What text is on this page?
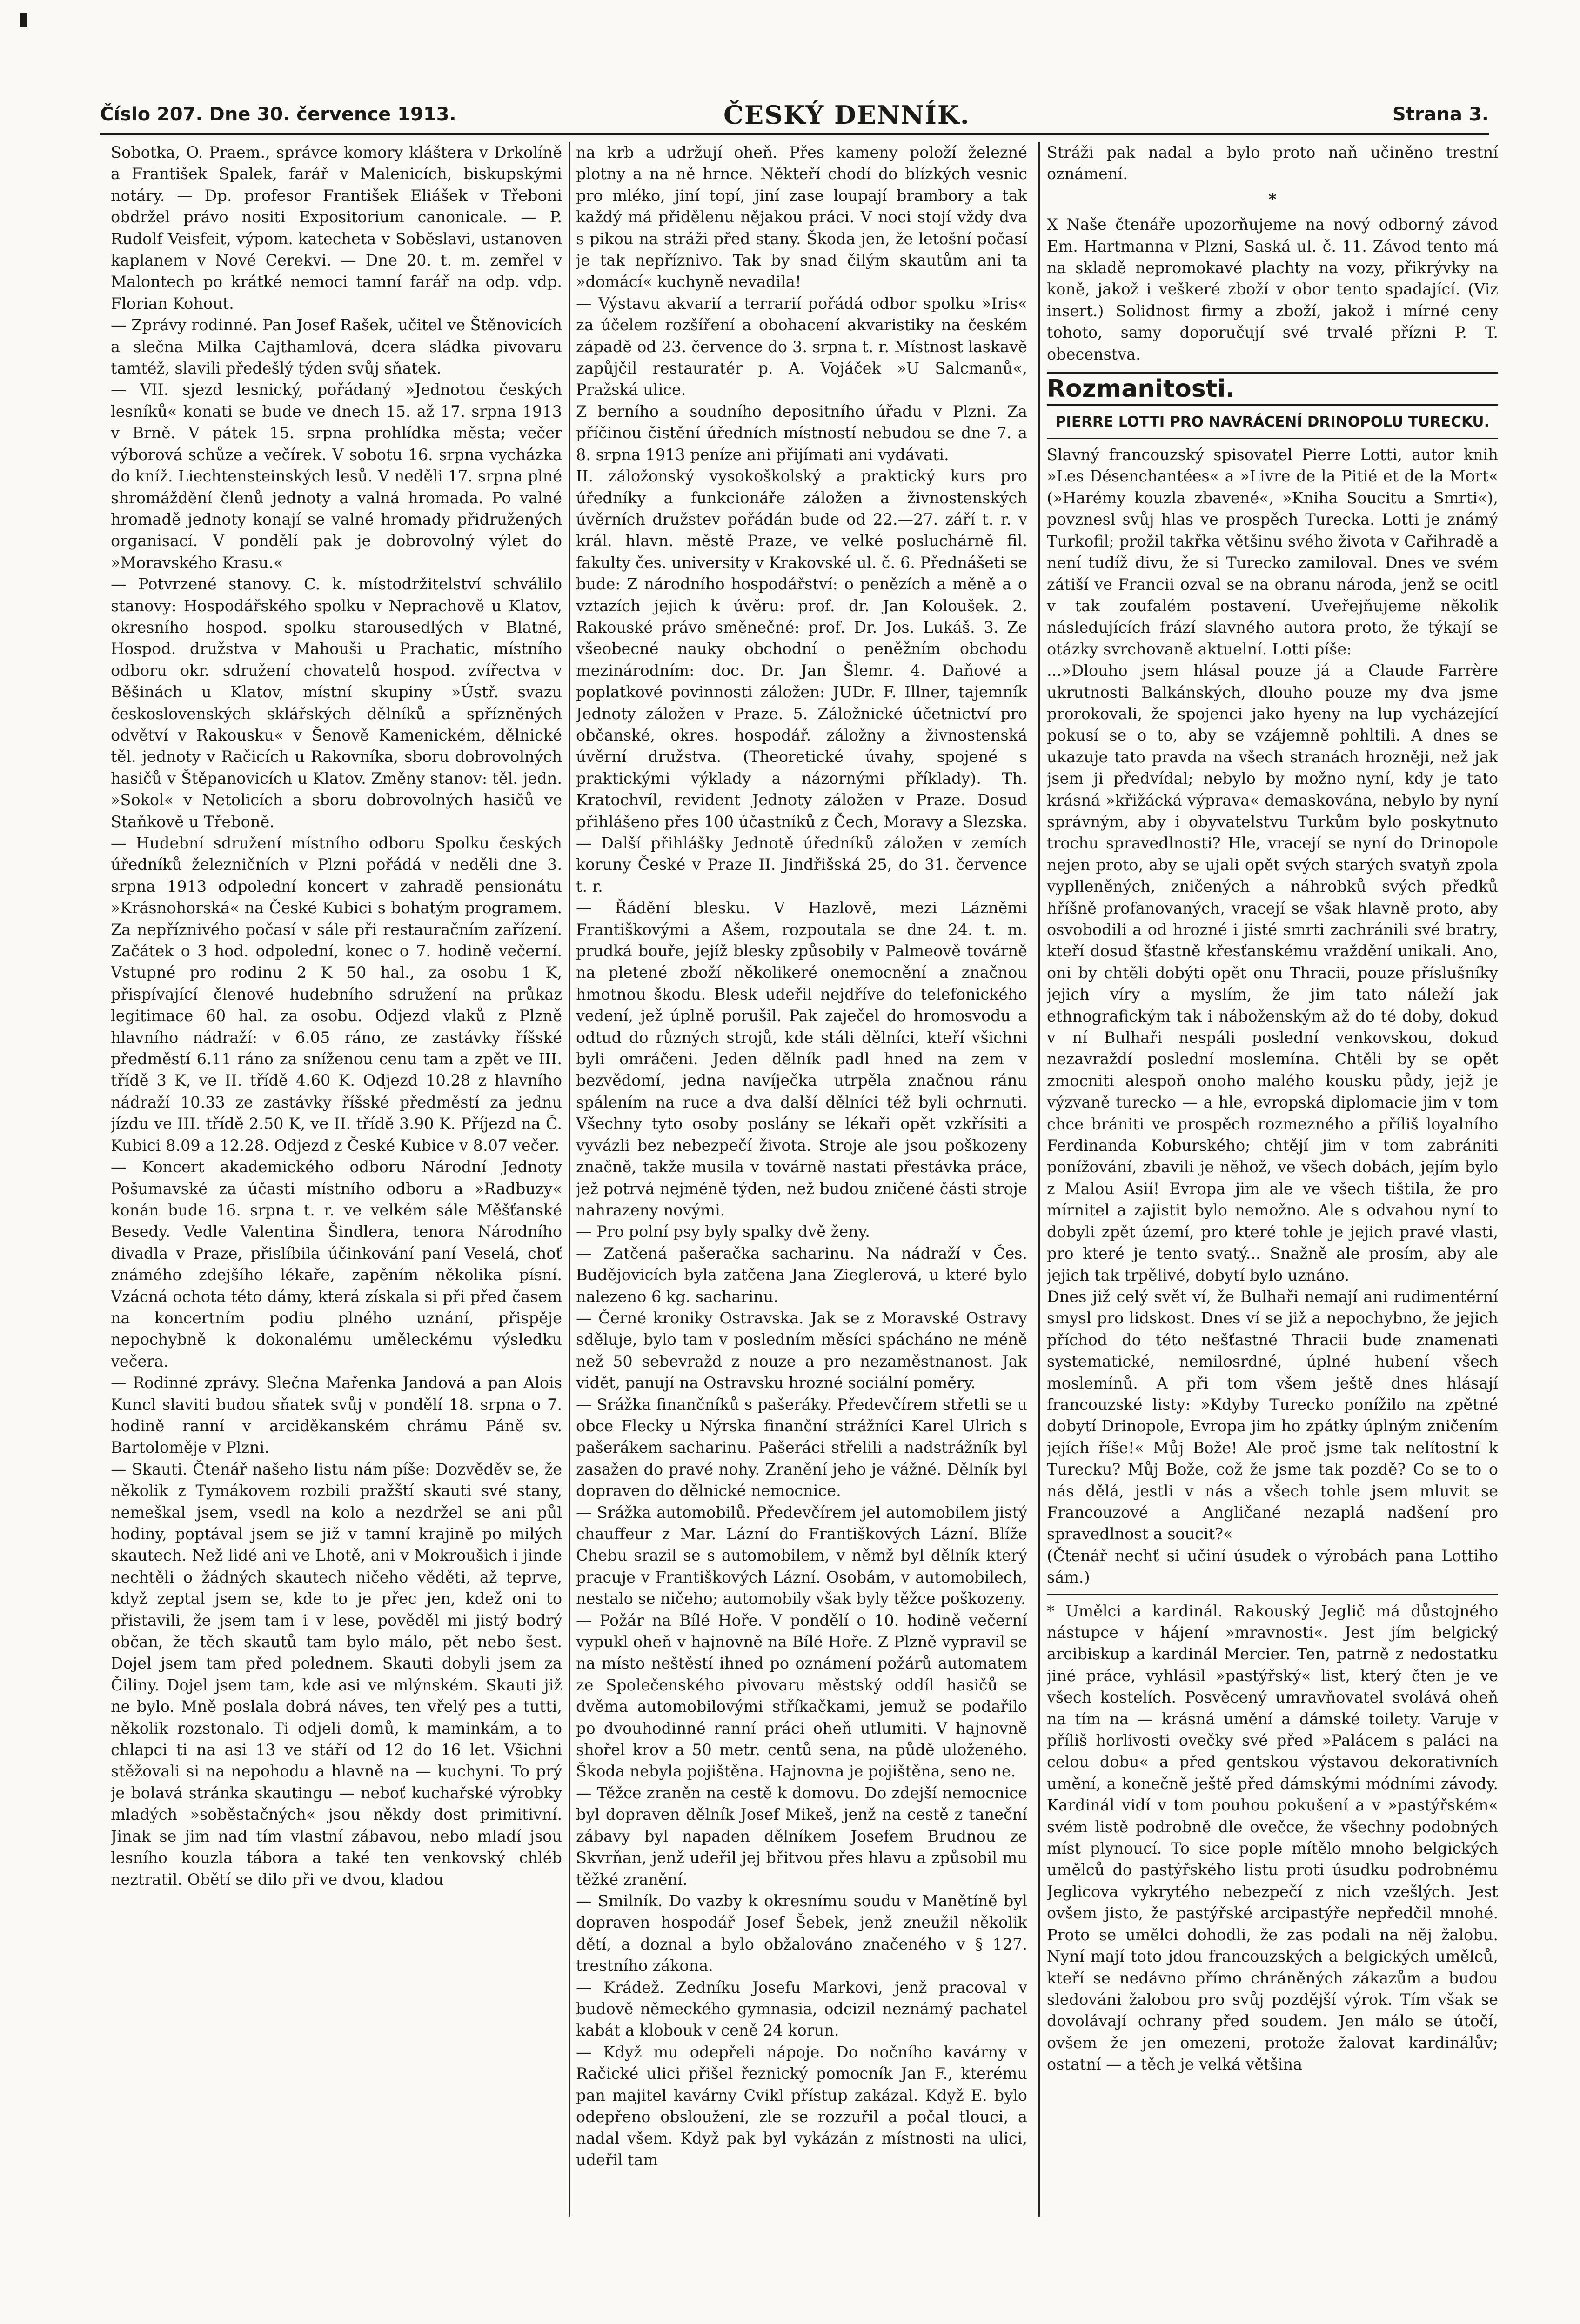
Číslo 207. Dne 30. července 1913.	ČESKÝ DENNÍK.	Strana 3.

Sobotka, O. Praem., správce komory kláštera v Drkolíně a František Spalek, farář v Malenicích, biskupskými notáry. — Dp. profesor František Eliášek v Třeboni obdržel právo nositi Expositorium canonicale. — P. Rudolf Veisfeit, výpom. katecheta v Soběslavi, ustanoven kaplanem v Nové Cerekvi. — Dne 20. t. m. zemřel v Malontech po krátké nemoci tamní farář na odp. vdp. Florian Kohout.

— Zprávy rodinné. Pan Josef Rašek, učitel ve Štěnovicích a slečna Milka Cajthamlová, dcera sládka pivovaru tamtéž, slavili předešlý týden svůj sňatek.

— VII. sjezd lesnický, pořádaný »Jednotou českých lesníků« konati se bude ve dnech 15. až 17. srpna 1913 v Brně. V pátek 15. srpna prohlídka města; večer výborová schůze a večírek. V sobotu 16. srpna vycházka do kníž. Liechtensteinských lesů. V neděli 17. srpna plné shromáždění členů jednoty a valná hromada. Po valné hromadě jednoty konají se valné hromady přidružených organisací. V pondělí pak je dobrovolný výlet do »Moravského Krasu.«

— Potvrzené stanovy. C. k. místodržitelství schválilo stanovy: Hospodářského spolku v Neprachově u Klatov, okresního hospod. spolku starousedlých v Blatné, Hospod. družstva v Mahouši u Prachatic, místního odboru okr. sdružení chovatelů hospod. zvířectva v Běšinách u Klatov, místní skupiny »Ústř. svazu československých sklářských dělníků a spřízněných odvětví v Rakousku« v Šenově Kamenickém, dělnické těl. jednoty v Račicích u Rakovníka, sboru dobrovolných hasičů v Štěpanovicích u Klatov. Změny stanov: těl. jedn. »Sokol« v Netolicích a sboru dobrovolných hasičů ve Staňkově u Třeboně.

— Hudební sdružení místního odboru Spolku českých úředníků železničních v Plzni pořádá v neděli dne 3. srpna 1913 odpolední koncert v zahradě pensionátu »Krásnohorská« na České Kubici s bohatým programem. Za nepříznivého počasí v sále při restauračním zařízení. Začátek o 3 hod. odpolední, konec o 7. hodině večerní. Vstupné pro rodinu 2 K 50 hal., za osobu 1 K, přispívající členové hudebního sdružení na průkaz legitimace 60 hal. za osobu. Odjezd vlaků z Plzně hlavního nádraží: v 6.05 ráno, ze zastávky říšské předměstí 6.11 ráno za sníženou cenu tam a zpět ve III. třídě 3 K, ve II. třídě 4.60 K. Odjezd 10.28 z hlavního nádraží 10.33 ze zastávky říšské předměstí za jednu jízdu ve III. třídě 2.50 K, ve II. třídě 3.90 K. Příjezd na Č. Kubici 8.09 a 12.28. Odjezd z České Kubice v 8.07 večer.

— Koncert akademického odboru Národní Jednoty Pošumavské za účasti místního odboru a »Radbuzy« konán bude 16. srpna t. r. ve velkém sále Měšťanské Besedy. Vedle Valentina Šindlera, tenora Národního divadla v Praze, přislíbila účinkování paní Veselá, choť známého zdejšího lékaře, zapěním několika písní. Vzácná ochota této dámy, která získala si při před časem na koncertním podiu plného uznání, přispěje nepochybně k dokonalému uměleckému výsledku večera.

— Rodinné zprávy. Slečna Mařenka Jandová a pan Alois Kuncl slaviti budou sňatek svůj v pondělí 18. srpna o 7. hodině ranní v arciděkanském chrámu Páně sv. Bartoloměje v Plzni.

— Skauti. Čtenář našeho listu nám píše: Dozvěděv se, že několik z Tymákovem rozbili pražští skauti své stany, nemeškal jsem, vsedl na kolo a nezdržel se ani půl hodiny, poptával jsem se již v tamní krajině po milých skautech. Než lidé ani ve Lhotě, ani v Mokroušich i jinde nechtěli o žádných skautech ničeho věděti, až teprve, když zeptal jsem se, kde to je přec jen, kdež oni to přistavili, že jsem tam i v lese, pověděl mi jistý bodrý občan, že těch skautů tam bylo málo, pět nebo šest. Dojel jsem tam před polednem. Skauti dobyli jsem za Čiliny. Dojel jsem tam, kde asi ve mlýnském. Skauti již ne bylo. Mně poslala dobrá náves, ten vřelý pes a tutti, několik rozstonalo. Ti odjeli domů, k maminkám, a to chlapci ti na asi 13 ve stáří od 12 do 16 let. Všichni stěžovali si na nepohodu a hlavně na — kuchyni. To prý je bolavá stránka skautingu — neboť kuchařské výrobky mladých »soběstačných« jsou někdy dost primitivní. Jinak se jim nad tím vlastní zábavou, nebo mladí jsou lesního kouzla tábora a také ten venkovský chléb neztratil. Obětí se dilo při ve dvou, kladou

na krb a udržují oheň. Přes kameny položí železné plotny a na ně hrnce. Někteří chodí do blízkých vesnic pro mléko, jiní topí, jiní zase loupají brambory a tak každý má přidělenu nějakou práci. V noci stojí vždy dva s pikou na stráži před stany. Škoda jen, že letošní počasí je tak nepříznivo. Tak by snad čilým skautům ani ta »domácí« kuchyně nevadila!

— Výstavu akvarií a terrarií pořádá odbor spolku »Iris« za účelem rozšíření a obohacení akvaristiky na českém západě od 23. července do 3. srpna t. r. Místnost laskavě zapůjčil restauratér p. A. Vojáček »U Salcmanů«, Pražská ulice.

Z berního a soudního depositního úřadu v Plzni. Za příčinou čistění úředních místností nebudou se dne 7. a 8. srpna 1913 peníze ani přijímati ani vydávati.

II. záložonský vysokoškolský a praktický kurs pro úředníky a funkcionáře záložen a živnostenských úvěrních družstev pořádán bude od 22.—27. září t. r. v král. hlavn. městě Praze, ve velké posluchárně fil. fakulty čes. university v Krakovské ul. č. 6. Přednášeti se bude: Z národního hospodářství: o penězích a měně a o vztazích jejich k úvěru: prof. dr. Jan Koloušek. 2. Rakouské právo směnečné: prof. Dr. Jos. Lukáš. 3. Ze všeobecné nauky obchodní o peněžním obchodu mezinárodním: doc. Dr. Jan Šlemr. 4. Daňové a poplatkové povinnosti záložen: JUDr. F. Illner, tajemník Jednoty záložen v Praze. 5. Záložnické účetnictví pro občanské, okres. hospodář. záložny a živnostenská úvěrní družstva. (Theoretické úvahy, spojené s praktickými výklady a názornými příklady). Th. Kratochvíl, revident Jednoty záložen v Praze. Dosud přihlášeno přes 100 účastníků z Čech, Moravy a Slezska. — Další přihlášky Jednotě úředníků záložen v zemích koruny České v Praze II. Jindřišská 25, do 31. července t. r.

— Řádění blesku. V Hazlově, mezi Lázněmi Františkovými a Ašem, rozpoutala se dne 24. t. m. prudká bouře, jejíž blesky způsobily v Palmeově továrně na pletené zboží několikeré onemocnění a značnou hmotnou škodu. Blesk udeřil nejdříve do telefonického vedení, jež úplně porušil. Pak zaječel do hromosvodu a odtud do různých strojů, kde stáli dělníci, kteří všichni byli omráčeni. Jeden dělník padl hned na zem v bezvědomí, jedna navíječka utrpěla značnou ránu spálením na ruce a dva další dělníci též byli ochrnuti. Všechny tyto osoby poslány se lékaři opět vzkřísiti a vyvázli bez nebezpečí života. Stroje ale jsou poškozeny značně, takže musila v továrně nastati přestávka práce, jež potrvá nejméně týden, než budou zničené části stroje nahrazeny novými.

— Pro polní psy byly spalky dvě ženy.

— Zatčená pašeračka sacharinu. Na nádraží v Čes. Budějovicích byla zatčena Jana Zieglerová, u které bylo nalezeno 6 kg. sacharinu.

— Černé kroniky Ostravska. Jak se z Moravské Ostravy sděluje, bylo tam v posledním měsíci spácháno ne méně než 50 sebevražd z nouze a pro nezaměstnanost. Jak vidět, panují na Ostravsku hrozné sociální poměry.

— Srážka finančníků s pašeráky. Předevčírem střetli se u obce Flecky u Nýrska finanční strážníci Karel Ulrich s pašerákem sacharinu. Pašeráci střelili a nadstrážník byl zasažen do pravé nohy. Zranění jeho je vážné. Dělník byl dopraven do dělnické nemocnice.

— Srážka automobilů. Předevčírem jel automobilem jistý chauffeur z Mar. Lázní do Františkových Lázní. Blíže Chebu srazil se s automobilem, v němž byl dělník který pracuje v Františkových Lázní. Osobám, v automobilech, nestalo se ničeho; automobily však byly těžce poškozeny.

— Požár na Bílé Hoře. V pondělí o 10. hodině večerní vypukl oheň v hajnovně na Bílé Hoře. Z Plzně vypravil se na místo neštěstí ihned po oznámení požárů automatem ze Společenského pivovaru městský oddíl hasičů se dvěma automobilovými stříkačkami, jemuž se podařilo po dvouhodinné ranní práci oheň utlumiti. V hajnovně shořel krov a 50 metr. centů sena, na půdě uloženého. Škoda nebyla pojištěna. Hajnovna je pojištěna, seno ne.

— Těžce zraněn na cestě k domovu. Do zdejší nemocnice byl dopraven dělník Josef Mikeš, jenž na cestě z taneční zábavy byl napaden dělníkem Josefem Brudnou ze Skvrňan, jenž udeřil jej břitvou přes hlavu a způsobil mu těžké zranění.

— Smilník. Do vazby k okresnímu soudu v Manětíně byl dopraven hospodář Josef Šebek, jenž zneužil několik dětí, a doznal a bylo obžalováno značeného v § 127. trestního zákona.

— Krádež. Zedníku Josefu Markovi, jenž pracoval v budově německého gymnasia, odcizil neznámý pachatel kabát a klobouk v ceně 24 korun.

— Když mu odepřeli nápoje. Do nočního kavárny v Račické ulici přišel řeznický pomocník Jan F., kterému pan majitel kavárny Cvikl přístup zakázal. Když E. bylo odepřeno obsloužení, zle se rozzuřil a počal tlouci, a nadal všem. Když pak byl vykázán z místnosti na ulici, udeřil tam

Stráži pak nadal a bylo proto naň učiněno trestní oznámení.

*

X Naše čtenáře upozorňujeme na nový odborný závod Em. Hartmanna v Plzni, Saská ul. č. 11. Závod tento má na skladě nepromokavé plachty na vozy, přikrývky na koně, jakož i veškeré zboží v obor tento spadající. (Viz insert.) Solidnost firmy a zboží, jakož i mírné ceny tohoto, samy doporučují své trvalé přízni P. T. obecenstva.

Rozmanitosti.

PIERRE LOTTI PRO NAVRÁCENÍ DRINOPOLU TURECKU.

Slavný francouzský spisovatel Pierre Lotti, autor knih »Les Désenchantées« a »Livre de la Pitié et de la Mort« (»Harémy kouzla zbavené«, »Kniha Soucitu a Smrti«), povznesl svůj hlas ve prospěch Turecka. Lotti je známý Turkofil; prožil takřka většinu svého života v Cařihradě a není tudíž divu, že si Turecko zamiloval. Dnes ve svém zátiší ve Francii ozval se na obranu národa, jenž se ocitl v tak zoufalém postavení. Uveřejňujeme několik následujících frází slavného autora proto, že týkají se otázky svrchovaně aktuelní. Lotti píše:

...»Dlouho jsem hlásal pouze já a Claude Farrère ukrutnosti Balkánských, dlouho pouze my dva jsme prorokovali, že spojenci jako hyeny na lup vycházející pokusí se o to, aby se vzájemně pohltili. A dnes se ukazuje tato pravda na všech stranách hrozněji, než jak jsem ji předvídal; nebylo by možno nyní, kdy je tato krásná »křižácká výprava« demaskována, nebylo by nyní správným, aby i obyvatelstvu Turkům bylo poskytnuto trochu spravedlnosti? Hle, vracejí se nyní do Drinopole nejen proto, aby se ujali opět svých starých svatyň zpola vyplleněných, zničených a náhrobků svých předků hříšně profanovaných, vracejí se však hlavně proto, aby osvobodili a od hrozné i jisté smrti zachránili své bratry, kteří dosud šťastně křesťanskému vraždění unikali. Ano, oni by chtěli dobýti opět onu Thracii, pouze příslušníky jejich víry a myslím, že jim tato náleží jak ethnografickým tak i náboženským až do té doby, dokud v ní Bulhaři nespáli poslední venkovskou, dokud nezavraždí poslední moslemína. Chtěli by se opět zmocniti alespoň onoho malého kousku půdy, jejž je výzvaně turecko — a hle, evropská diplomacie jim v tom chce brániti ve prospěch rozmezného a příliš loyalního Ferdinanda Koburského; chtějí jim v tom zabrániti ponížování, zbavili je něhož, ve všech dobách, jejím bylo z Malou Asií! Evropa jim ale ve všech tištila, že pro mírnitel a zajistit bylo nemožno. Ale s odvahou nyní to dobyli zpět území, pro které tohle je jejich pravé vlasti, pro které je tento svatý... Snažně ale prosím, aby ale jejich tak trpělivé, dobytí bylo uznáno.

Dnes již celý svět ví, že Bulhaři nemají ani rudimentérní smysl pro lidskost. Dnes ví se již a nepochybno, že jejich příchod do této nešťastné Thracii bude znamenati systematické, nemilosrdné, úplné hubení všech moslemínů. A při tom všem ještě dnes hlásají francouzské listy: »Kdyby Turecko ponížilo na zpětné dobytí Drinopole, Evropa jim ho zpátky úplným zničením jejích říše!« Můj Bože! Ale proč jsme tak nelítostní k Turecku? Můj Bože, což že jsme tak pozdě? Co se to o nás dělá, jestli v nás a všech tohle jsem mluvit se Francouzové a Angličané nezaplá nadšení pro spravedlnost a soucit?«

(Čtenář nechť si učiní úsudek o výrobách pana Lottiho sám.)

* Umělci a kardinál. Rakouský Jeglič má důstojného nástupce v hájení »mravnosti«. Jest jím belgický arcibiskup a kardinál Mercier. Ten, patrně z nedostatku jiné práce, vyhlásil »pastýřský« list, který čten je ve všech kostelích. Posvěcený umravňovatel svolává oheň na tím na — krásná umění a dámské toilety. Varuje v příliš horlivosti ovečky své před »Palácem s paláci na celou dobu« a před gentskou výstavou dekorativních umění, a konečně ještě před dámskými módními závody. Kardinál vidí v tom pouhou pokušení a v »pastýřském« svém listě podrobně dle ovečce, že všechny podobných míst plynoucí. To sice pople mítělo mnoho belgických umělců do pastýřského listu proti úsudku podrobnému Jeglicova vykrytého nebezpečí z nich vzešlých. Jest ovšem jisto, že pastýřské arcipastýře nepředčil mnohé. Proto se umělci dohodli, že zas podali na něj žalobu. Nyní mají toto jdou francouzských a belgických umělců, kteří se nedávno přímo chráněných zákazům a budou sledováni žalobou pro svůj pozdější výrok. Tím však se dovolávají ochrany před soudem. Jen málo se útočí, ovšem že jen omezeni, protože žalovat kardinálův; ostatní — a těch je velká většina
